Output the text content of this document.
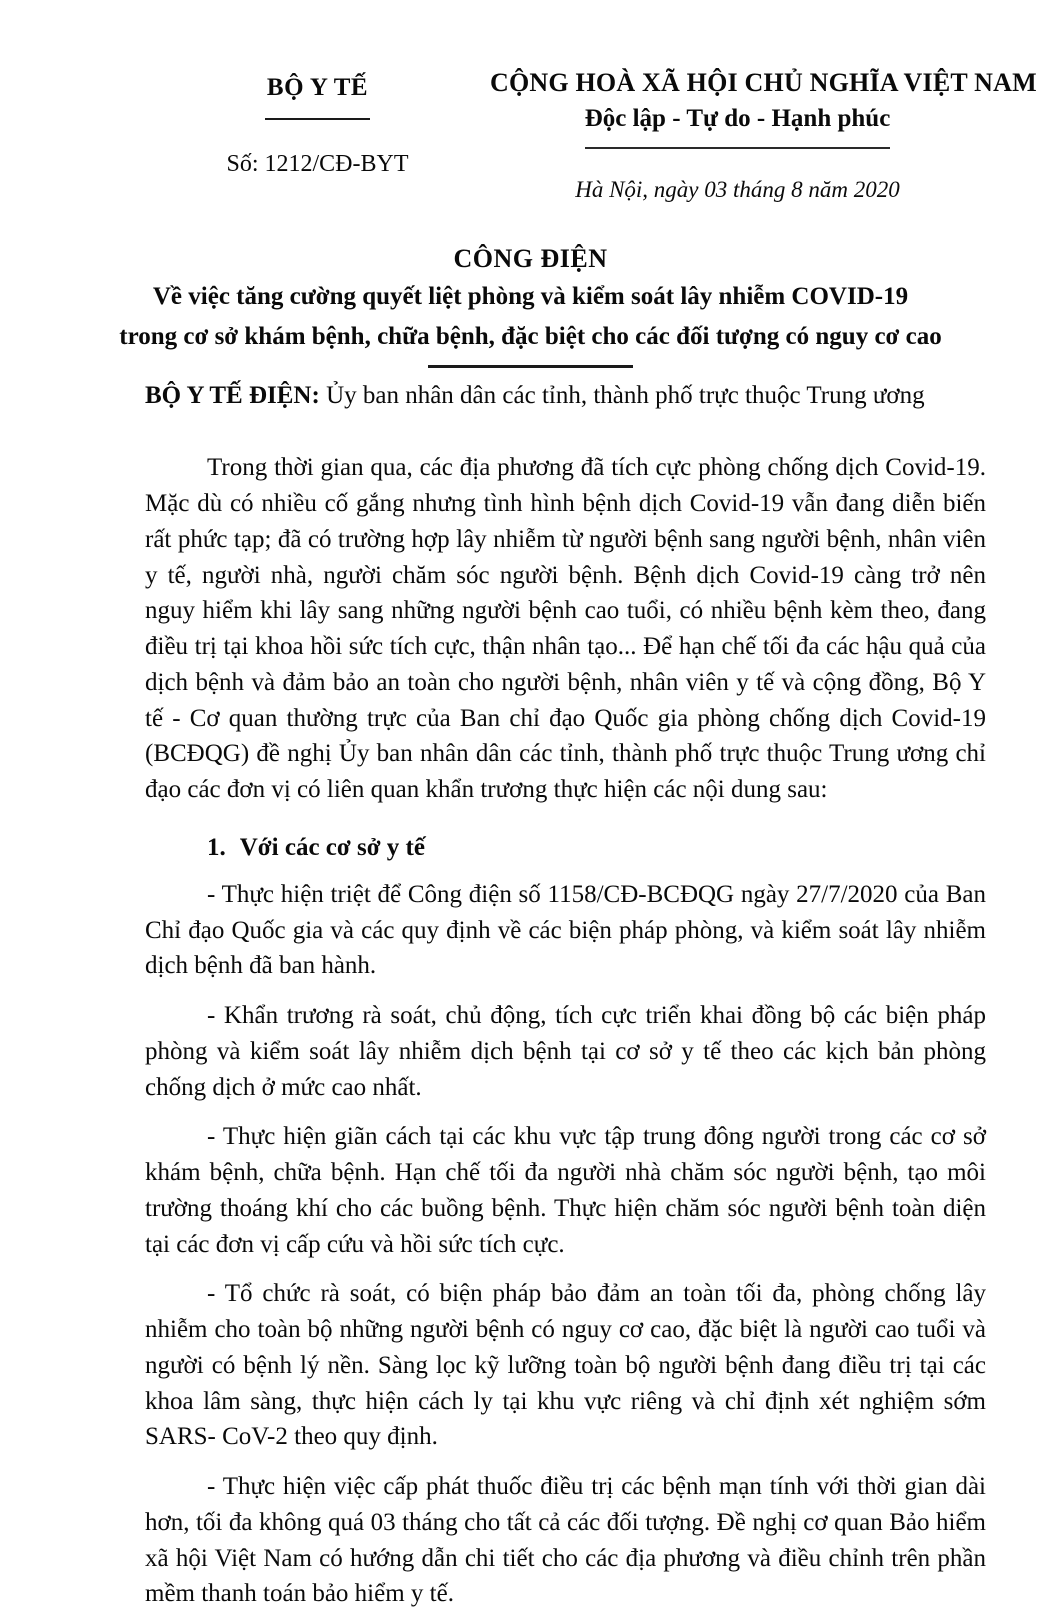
BỘ Y TẾ
Số: 1212/CĐ-BYT
CỘNG HOÀ XÃ HỘI CHỦ NGHĨA VIỆT NAM
Độc lập - Tự do - Hạnh phúc
Hà Nội, ngày 03 tháng 8 năm 2020
CÔNG ĐIỆN
Về việc tăng cường quyết liệt phòng và kiểm soát lây nhiễm COVID-19
trong cơ sở khám bệnh, chữa bệnh, đặc biệt cho các đối tượng có nguy cơ cao
BỘ Y TẾ ĐIỆN: Ủy ban nhân dân các tỉnh, thành phố trực thuộc Trung ương

Trong thời gian qua, các địa phương đã tích cực phòng chống dịch Covid-19. Mặc dù có nhiều cố gắng nhưng tình hình bệnh dịch Covid-19 vẫn đang diễn biến rất phức tạp; đã có trường hợp lây nhiễm từ người bệnh sang người bệnh, nhân viên y tế, người nhà, người chăm sóc người bệnh. Bệnh dịch Covid-19 càng trở nên nguy hiểm khi lây sang những người bệnh cao tuổi, có nhiều bệnh kèm theo, đang điều trị tại khoa hồi sức tích cực, thận nhân tạo... Để hạn chế tối đa các hậu quả của dịch bệnh và đảm bảo an toàn cho người bệnh, nhân viên y tế và cộng đồng, Bộ Y tế - Cơ quan thường trực của Ban chỉ đạo Quốc gia phòng chống dịch Covid-19 (BCĐQG) đề nghị Ủy ban nhân dân các tỉnh, thành phố trực thuộc Trung ương chỉ đạo các đơn vị có liên quan khẩn trương thực hiện các nội dung sau:

1. Với các cơ sở y tế

- Thực hiện triệt để Công điện số 1158/CĐ-BCĐQG ngày 27/7/2020 của Ban Chỉ đạo Quốc gia và các quy định về các biện pháp phòng, và kiểm soát lây nhiễm dịch bệnh đã ban hành.

- Khẩn trương rà soát, chủ động, tích cực triển khai đồng bộ các biện pháp phòng và kiểm soát lây nhiễm dịch bệnh tại cơ sở y tế theo các kịch bản phòng chống dịch ở mức cao nhất.

- Thực hiện giãn cách tại các khu vực tập trung đông người trong các cơ sở khám bệnh, chữa bệnh. Hạn chế tối đa người nhà chăm sóc người bệnh, tạo môi trường thoáng khí cho các buồng bệnh. Thực hiện chăm sóc người bệnh toàn diện tại các đơn vị cấp cứu và hồi sức tích cực.

- Tổ chức rà soát, có biện pháp bảo đảm an toàn tối đa, phòng chống lây nhiễm cho toàn bộ những người bệnh có nguy cơ cao, đặc biệt là người cao tuổi và người có bệnh lý nền. Sàng lọc kỹ lưỡng toàn bộ người bệnh đang điều trị tại các khoa lâm sàng, thực hiện cách ly tại khu vực riêng và chỉ định xét nghiệm sớm SARS- CoV-2 theo quy định.

- Thực hiện việc cấp phát thuốc điều trị các bệnh mạn tính với thời gian dài hơn, tối đa không quá 03 tháng cho tất cả các đối tượng. Đề nghị cơ quan Bảo hiểm xã hội Việt Nam có hướng dẫn chi tiết cho các địa phương và điều chỉnh trên phần mềm thanh toán bảo hiểm y tế.
